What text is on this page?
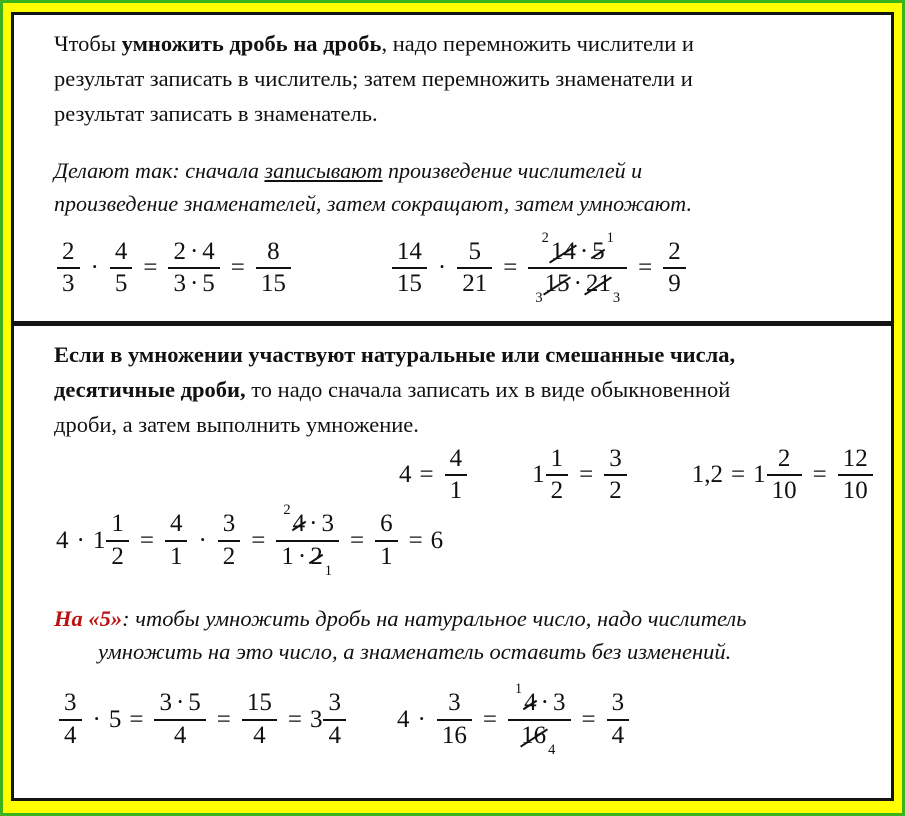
Чтобы умножить дробь на дробь, надо перемножить числители и
результат записать в числитель; затем перемножить знаменатели и
результат записать в знаменатель.

Делают так: сначала записывают произведение числителей и
произведение знаменателей, затем сокращают, затем умножают.

2
3
·
4
5
=
2 · 4
3 · 5
=
8
15
14
15
·
5
21
=
2 14 · 5 1
3
15 · 21
3
=
2
9

Если в умножении участвуют натуральные или смешанные числа,
десятичные дроби, то надо сначала записать их в виде обыкновенной
дроби, а затем выполнить умножение.

4 =
4
1
1
1
2
=
3
2
1,2 = 1
2
10
=
12
10
4 · 1
1
2
=
4
1
·
3
2
=
2 4 · 3
1 · 2
1
=
6
1
= 6

На «5»: чтобы умножить дробь на натуральное число, надо числитель
умножить на это число, а знаменатель оставить без изменений.

3
4
· 5 =
3 · 5
4
=
15
4
= 3
3
4
4 ·
3
16
=
1 4 · 3
16
4
=
3
4
